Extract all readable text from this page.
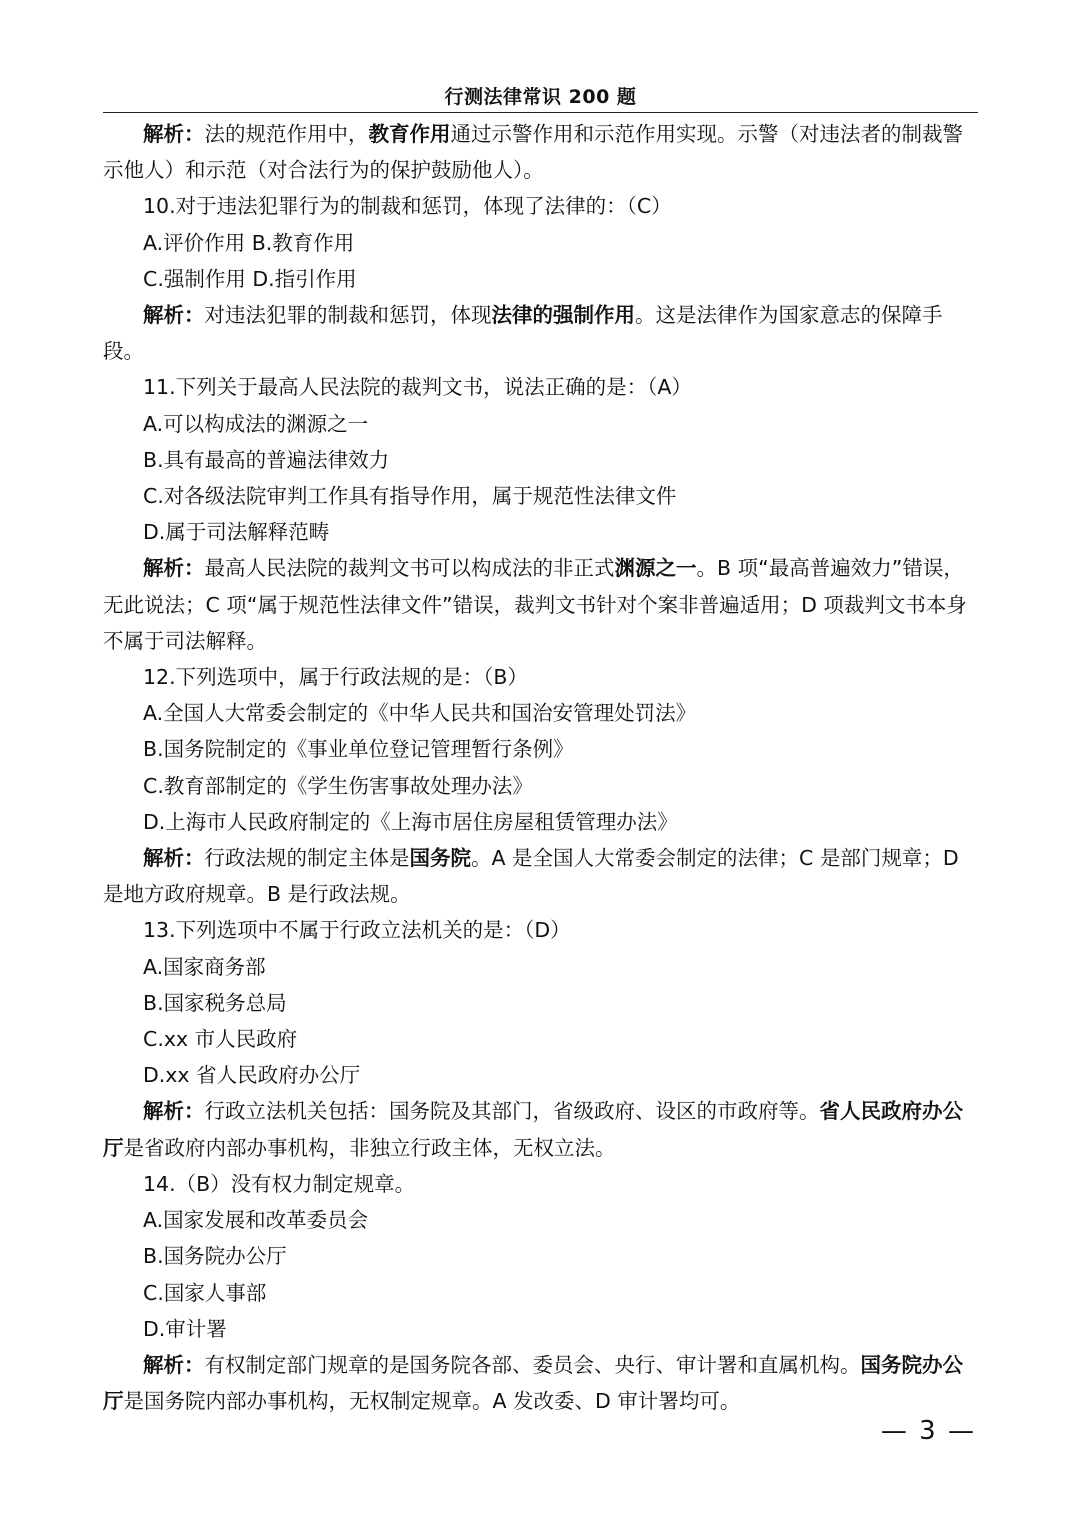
行测法律常识 200 题

解析：法的规范作用中，教育作用通过示警作用和示范作用实现。示警（对违法者的制裁警示他人）和示范（对合法行为的保护鼓励他人）。

10.对于违法犯罪行为的制裁和惩罚，体现了法律的：（C）

A.评价作用 B.教育作用

C.强制作用 D.指引作用

解析：对违法犯罪的制裁和惩罚，体现法律的强制作用。这是法律作为国家意志的保障手段。

11.下列关于最高人民法院的裁判文书，说法正确的是：（A）

A.可以构成法的渊源之一

B.具有最高的普遍法律效力

C.对各级法院审判工作具有指导作用，属于规范性法律文件

D.属于司法解释范畴

解析：最高人民法院的裁判文书可以构成法的非正式渊源之一。B 项“最高普遍效力”错误，无此说法；C 项“属于规范性法律文件”错误，裁判文书针对个案非普遍适用；D 项裁判文书本身不属于司法解释。

12.下列选项中，属于行政法规的是：（B）

A.全国人大常委会制定的《中华人民共和国治安管理处罚法》

B.国务院制定的《事业单位登记管理暂行条例》

C.教育部制定的《学生伤害事故处理办法》

D.上海市人民政府制定的《上海市居住房屋租赁管理办法》

解析：行政法规的制定主体是国务院。A 是全国人大常委会制定的法律；C 是部门规章；D 是地方政府规章。B 是行政法规。

13.下列选项中不属于行政立法机关的是：（D）

A.国家商务部

B.国家税务总局

C.xx 市人民政府

D.xx 省人民政府办公厅

解析：行政立法机关包括：国务院及其部门，省级政府、设区的市政府等。省人民政府办公厅是省政府内部办事机构，非独立行政主体，无权立法。

14.（B）没有权力制定规章。

A.国家发展和改革委员会

B.国务院办公厅

C.国家人事部

D.审计署

解析：有权制定部门规章的是国务院各部、委员会、央行、审计署和直属机构。国务院办公厅是国务院内部办事机构，无权制定规章。A 发改委、D 审计署均可。

— 3 —
